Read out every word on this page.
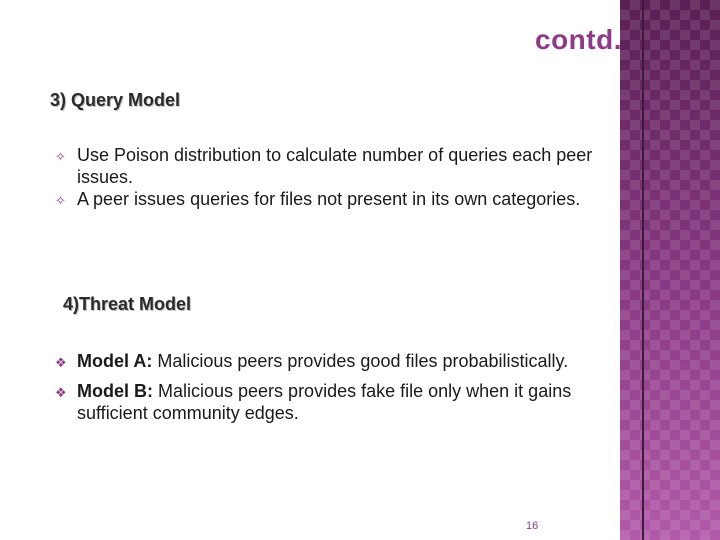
contd.
3) Query Model
✧ Use Poison distribution to calculate number of queries each peer issues.
✧ A peer issues queries for files not present in its own categories.
4)Threat Model
❖ Model A: Malicious peers provides good files probabilistically.
❖ Model B: Malicious peers provides fake file only when it gains sufficient community edges.
16
